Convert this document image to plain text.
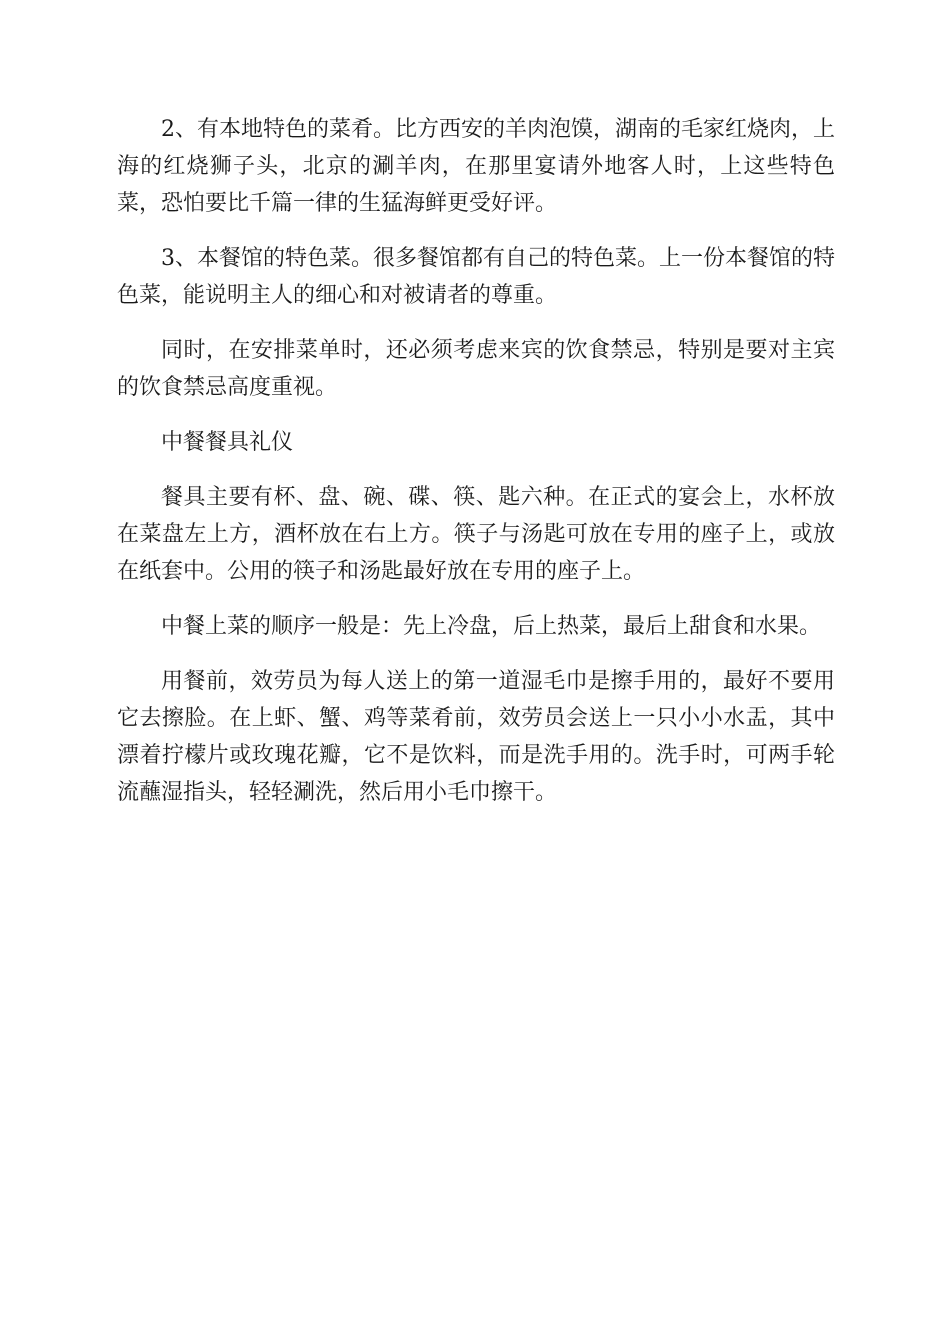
2、有本地特色的菜肴。比方西安的羊肉泡馍，湖南的毛家红烧肉，上海的红烧狮子头，北京的涮羊肉，在那里宴请外地客人时，上这些特色菜，恐怕要比千篇一律的生猛海鲜更受好评。

3、本餐馆的特色菜。很多餐馆都有自己的特色菜。上一份本餐馆的特色菜，能说明主人的细心和对被请者的尊重。

同时，在安排菜单时，还必须考虑来宾的饮食禁忌，特别是要对主宾的饮食禁忌高度重视。

中餐餐具礼仪

餐具主要有杯、盘、碗、碟、筷、匙六种。在正式的宴会上，水杯放在菜盘左上方，酒杯放在右上方。筷子与汤匙可放在专用的座子上，或放在纸套中。公用的筷子和汤匙最好放在专用的座子上。

中餐上菜的顺序一般是：先上冷盘，后上热菜，最后上甜食和水果。

用餐前，效劳员为每人送上的第一道湿毛巾是擦手用的，最好不要用它去擦脸。在上虾、蟹、鸡等菜肴前，效劳员会送上一只小小水盂，其中漂着拧檬片或玫瑰花瓣，它不是饮料，而是洗手用的。洗手时，可两手轮流蘸湿指头，轻轻涮洗，然后用小毛巾擦干。
